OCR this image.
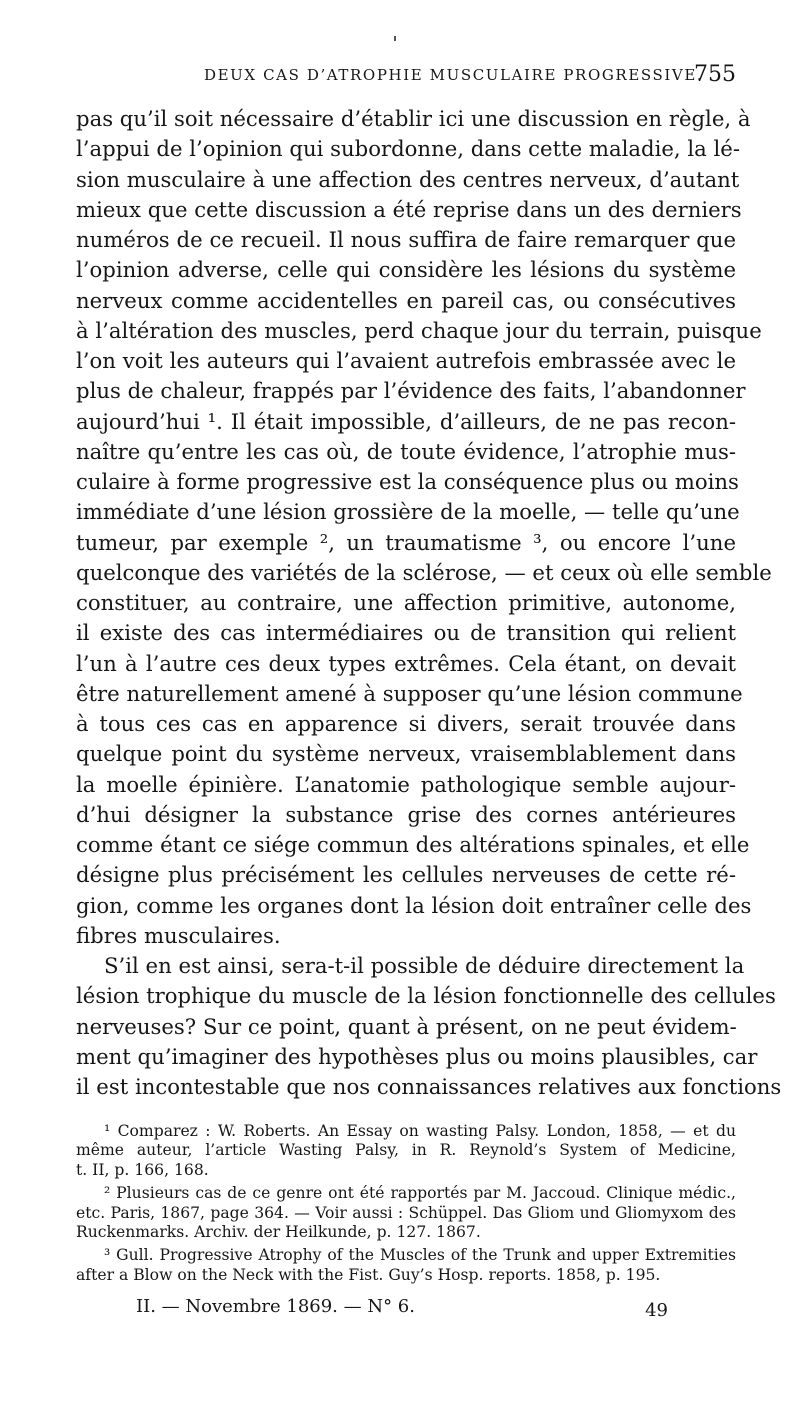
DEUX CAS D’ATROPHIE MUSCULAIRE PROGRESSIVE.
755
pas qu’il soit nécessaire d’établir ici une discussion en règle, à
l’appui de l’opinion qui subordonne, dans cette maladie, la lé-
sion musculaire à une affection des centres nerveux, d’autant
mieux que cette discussion a été reprise dans un des derniers
numéros de ce recueil. Il nous suffira de faire remarquer que
l’opinion adverse, celle qui considère les lésions du système
nerveux comme accidentelles en pareil cas, ou consécutives
à l’altération des muscles, perd chaque jour du terrain, puisque
l’on voit les auteurs qui l’avaient autrefois embrassée avec le
plus de chaleur, frappés par l’évidence des faits, l’abandonner
aujourd’hui ¹. Il était impossible, d’ailleurs, de ne pas recon-
naître qu’entre les cas où, de toute évidence, l’atrophie mus-
culaire à forme progressive est la conséquence plus ou moins
immédiate d’une lésion grossière de la moelle, — telle qu’une
tumeur, par exemple ², un traumatisme ³, ou encore l’une
quelconque des variétés de la sclérose, — et ceux où elle semble
constituer, au contraire, une affection primitive, autonome,
il existe des cas intermédiaires ou de transition qui relient
l’un à l’autre ces deux types extrêmes. Cela étant, on devait
être naturellement amené à supposer qu’une lésion commune
à tous ces cas en apparence si divers, serait trouvée dans
quelque point du système nerveux, vraisemblablement dans
la moelle épinière. L’anatomie pathologique semble aujour-
d’hui désigner la substance grise des cornes antérieures
comme étant ce siége commun des altérations spinales, et elle
désigne plus précisément les cellules nerveuses de cette ré-
gion, comme les organes dont la lésion doit entraîner celle des
fibres musculaires.
S’il en est ainsi, sera-t-il possible de déduire directement la
lésion trophique du muscle de la lésion fonctionnelle des cellules
nerveuses? Sur ce point, quant à présent, on ne peut évidem-
ment qu’imaginer des hypothèses plus ou moins plausibles, car
il est incontestable que nos connaissances relatives aux fonctions
¹ Comparez : W. Roberts. An Essay on wasting Palsy. London, 1858, — et du
même auteur, l’article Wasting Palsy, in R. Reynold’s System of Medicine,
t. II, p. 166, 168.
² Plusieurs cas de ce genre ont été rapportés par M. Jaccoud. Clinique médic.,
etc. Paris, 1867, page 364. — Voir aussi : Schüppel. Das Gliom und Gliomyxom des
Ruckenmarks. Archiv. der Heilkunde, p. 127. 1867.
³ Gull. Progressive Atrophy of the Muscles of the Trunk and upper Extremities
after a Blow on the Neck with the Fist. Guy’s Hosp. reports. 1858, p. 195.
II. — Novembre 1869. — N° 6.	49
